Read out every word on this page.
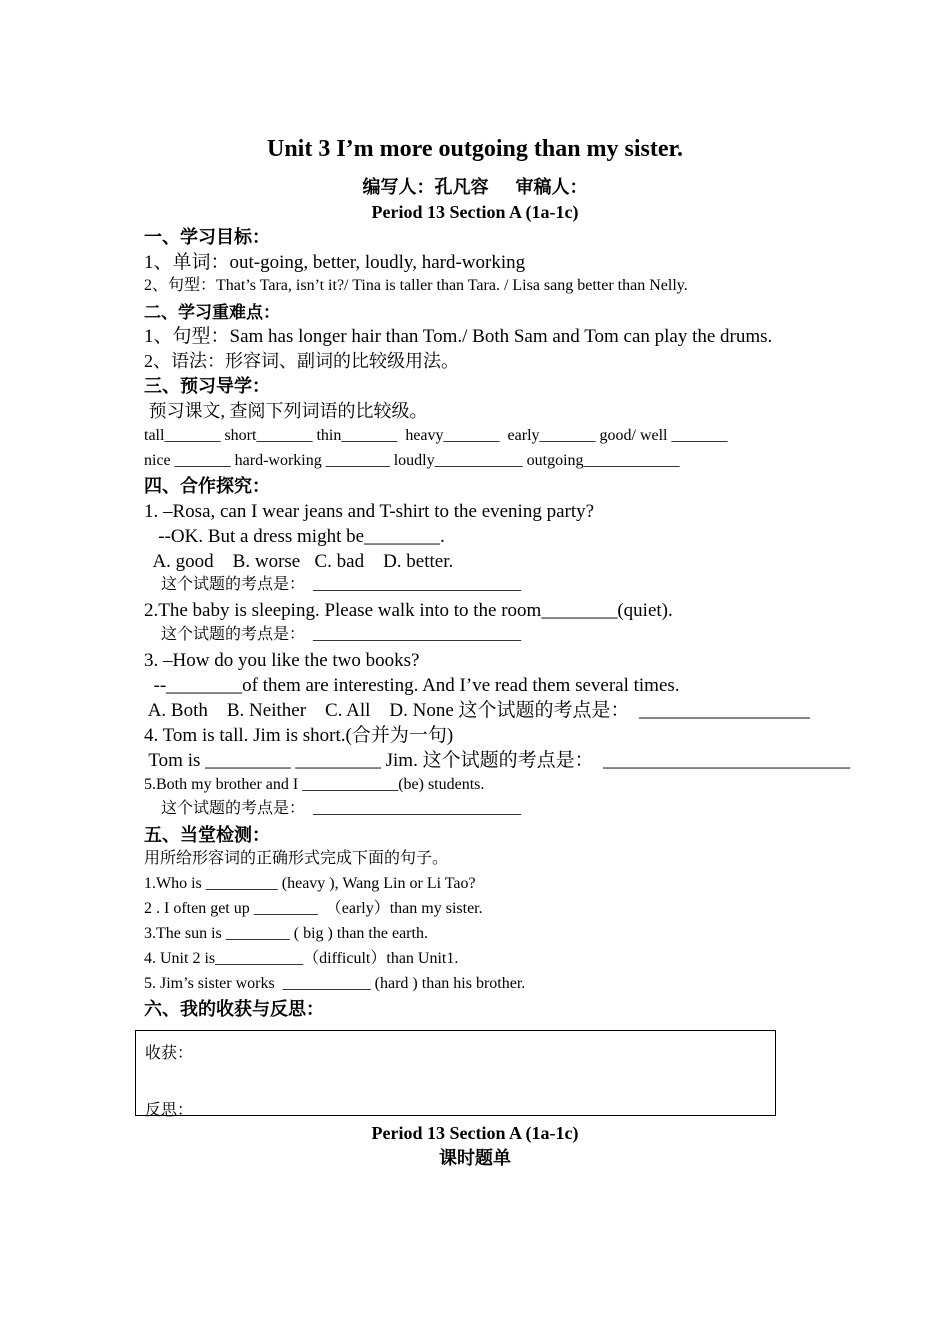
Unit 3 I’m more outgoing than my sister.
编写人：孔凡容      审稿人：
Period 13 Section A (1a-1c)
一、学习目标：
1、单词：out-going, better, loudly, hard-working
2、句型：That’s Tara, isn’t it?/ Tina is taller than Tara. / Lisa sang better than Nelly.
二、学习重难点：
1、句型：Sam has longer hair than Tom./ Both Sam and Tom can play the drums.
2、语法：形容词、副词的比较级用法。
三、预习导学：
预习课文, 查阅下列词语的比较级。
tall_______ short_______ thin_______  heavy_______  early_______ good/ well _______
nice _______ hard-working ________ loudly___________ outgoing____________
四、合作探究：
1. –Rosa, can I wear jeans and T-shirt to the evening party?
--OK. But a dress might be________.
A. good    B. worse   C. bad    D. better.
这个试题的考点是：  __________________________
2.The baby is sleeping. Please walk into to the room________(quiet).
这个试题的考点是：  __________________________
3. –How do you like the two books?
--________of them are interesting. And I’ve read them several times.
A. Both    B. Neither    C. All    D. None 这个试题的考点是：  __________________
4. Tom is tall. Jim is short.(合并为一句)
Tom is _________ _________ Jim. 这个试题的考点是：  __________________________
5.Both my brother and I ____________(be) students.
这个试题的考点是：  __________________________
五、当堂检测：
用所给形容词的正确形式完成下面的句子。
1.Who is _________ (heavy ), Wang Lin or Li Tao?
2 . I often get up ________  （early）than my sister.
3.The sun is ________ ( big ) than the earth.
4. Unit 2 is___________（difficult）than Unit1.
5. Jim’s sister works  ___________ (hard ) than his brother.
六、我的收获与反思：
收获：
反思：
Period 13 Section A (1a-1c)
课时题单
